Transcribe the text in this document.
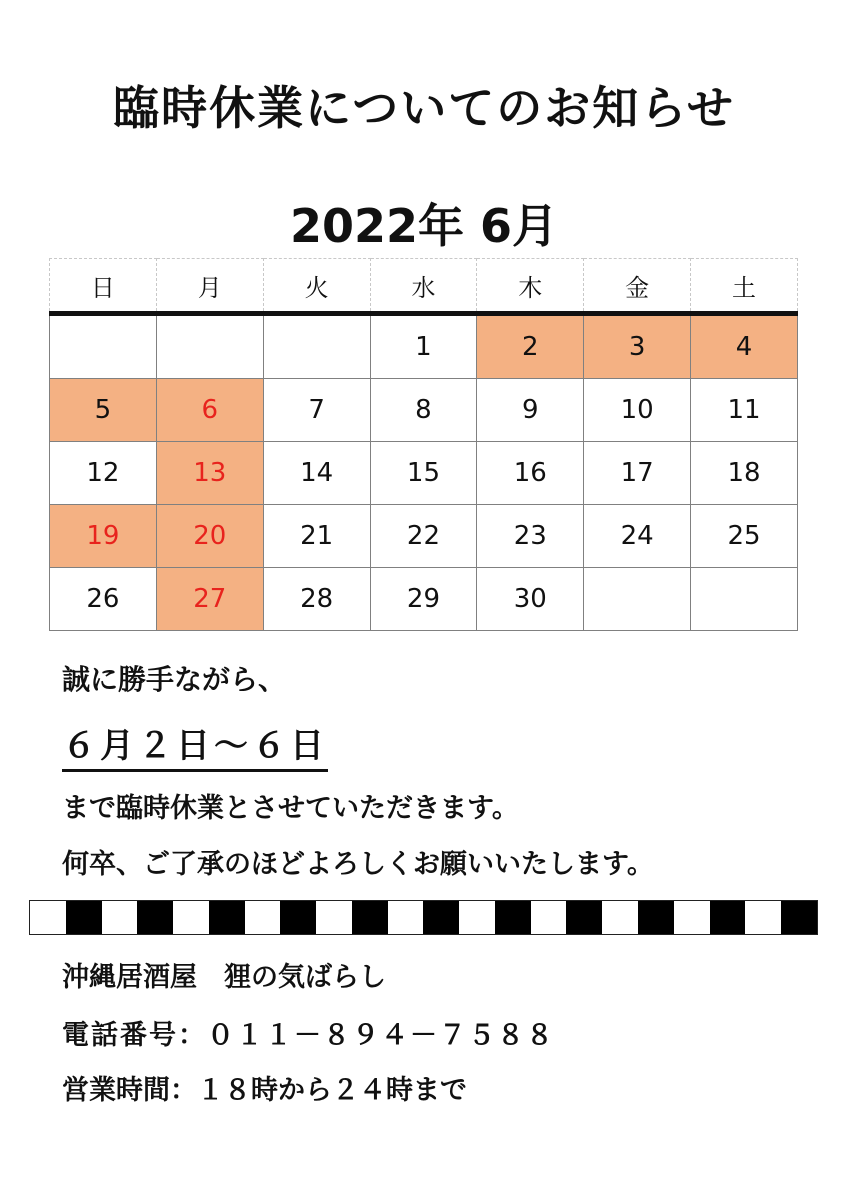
臨時休業についてのお知らせ
2022年 6月
日	月	火	水	木	金	土
			1	2	3	4
5	6	7	8	9	10	11
12	13	14	15	16	17	18
19	20	21	22	23	24	25
26	27	28	29	30		
誠に勝手ながら、
６月２日～６日
まで臨時休業とさせていただきます。
何卒、ご了承のほどよろしくお願いいたします。
沖縄居酒屋　狸の気ばらし
電話番号：０１１－８９４－７５８８
営業時間：１８時から２４時まで
